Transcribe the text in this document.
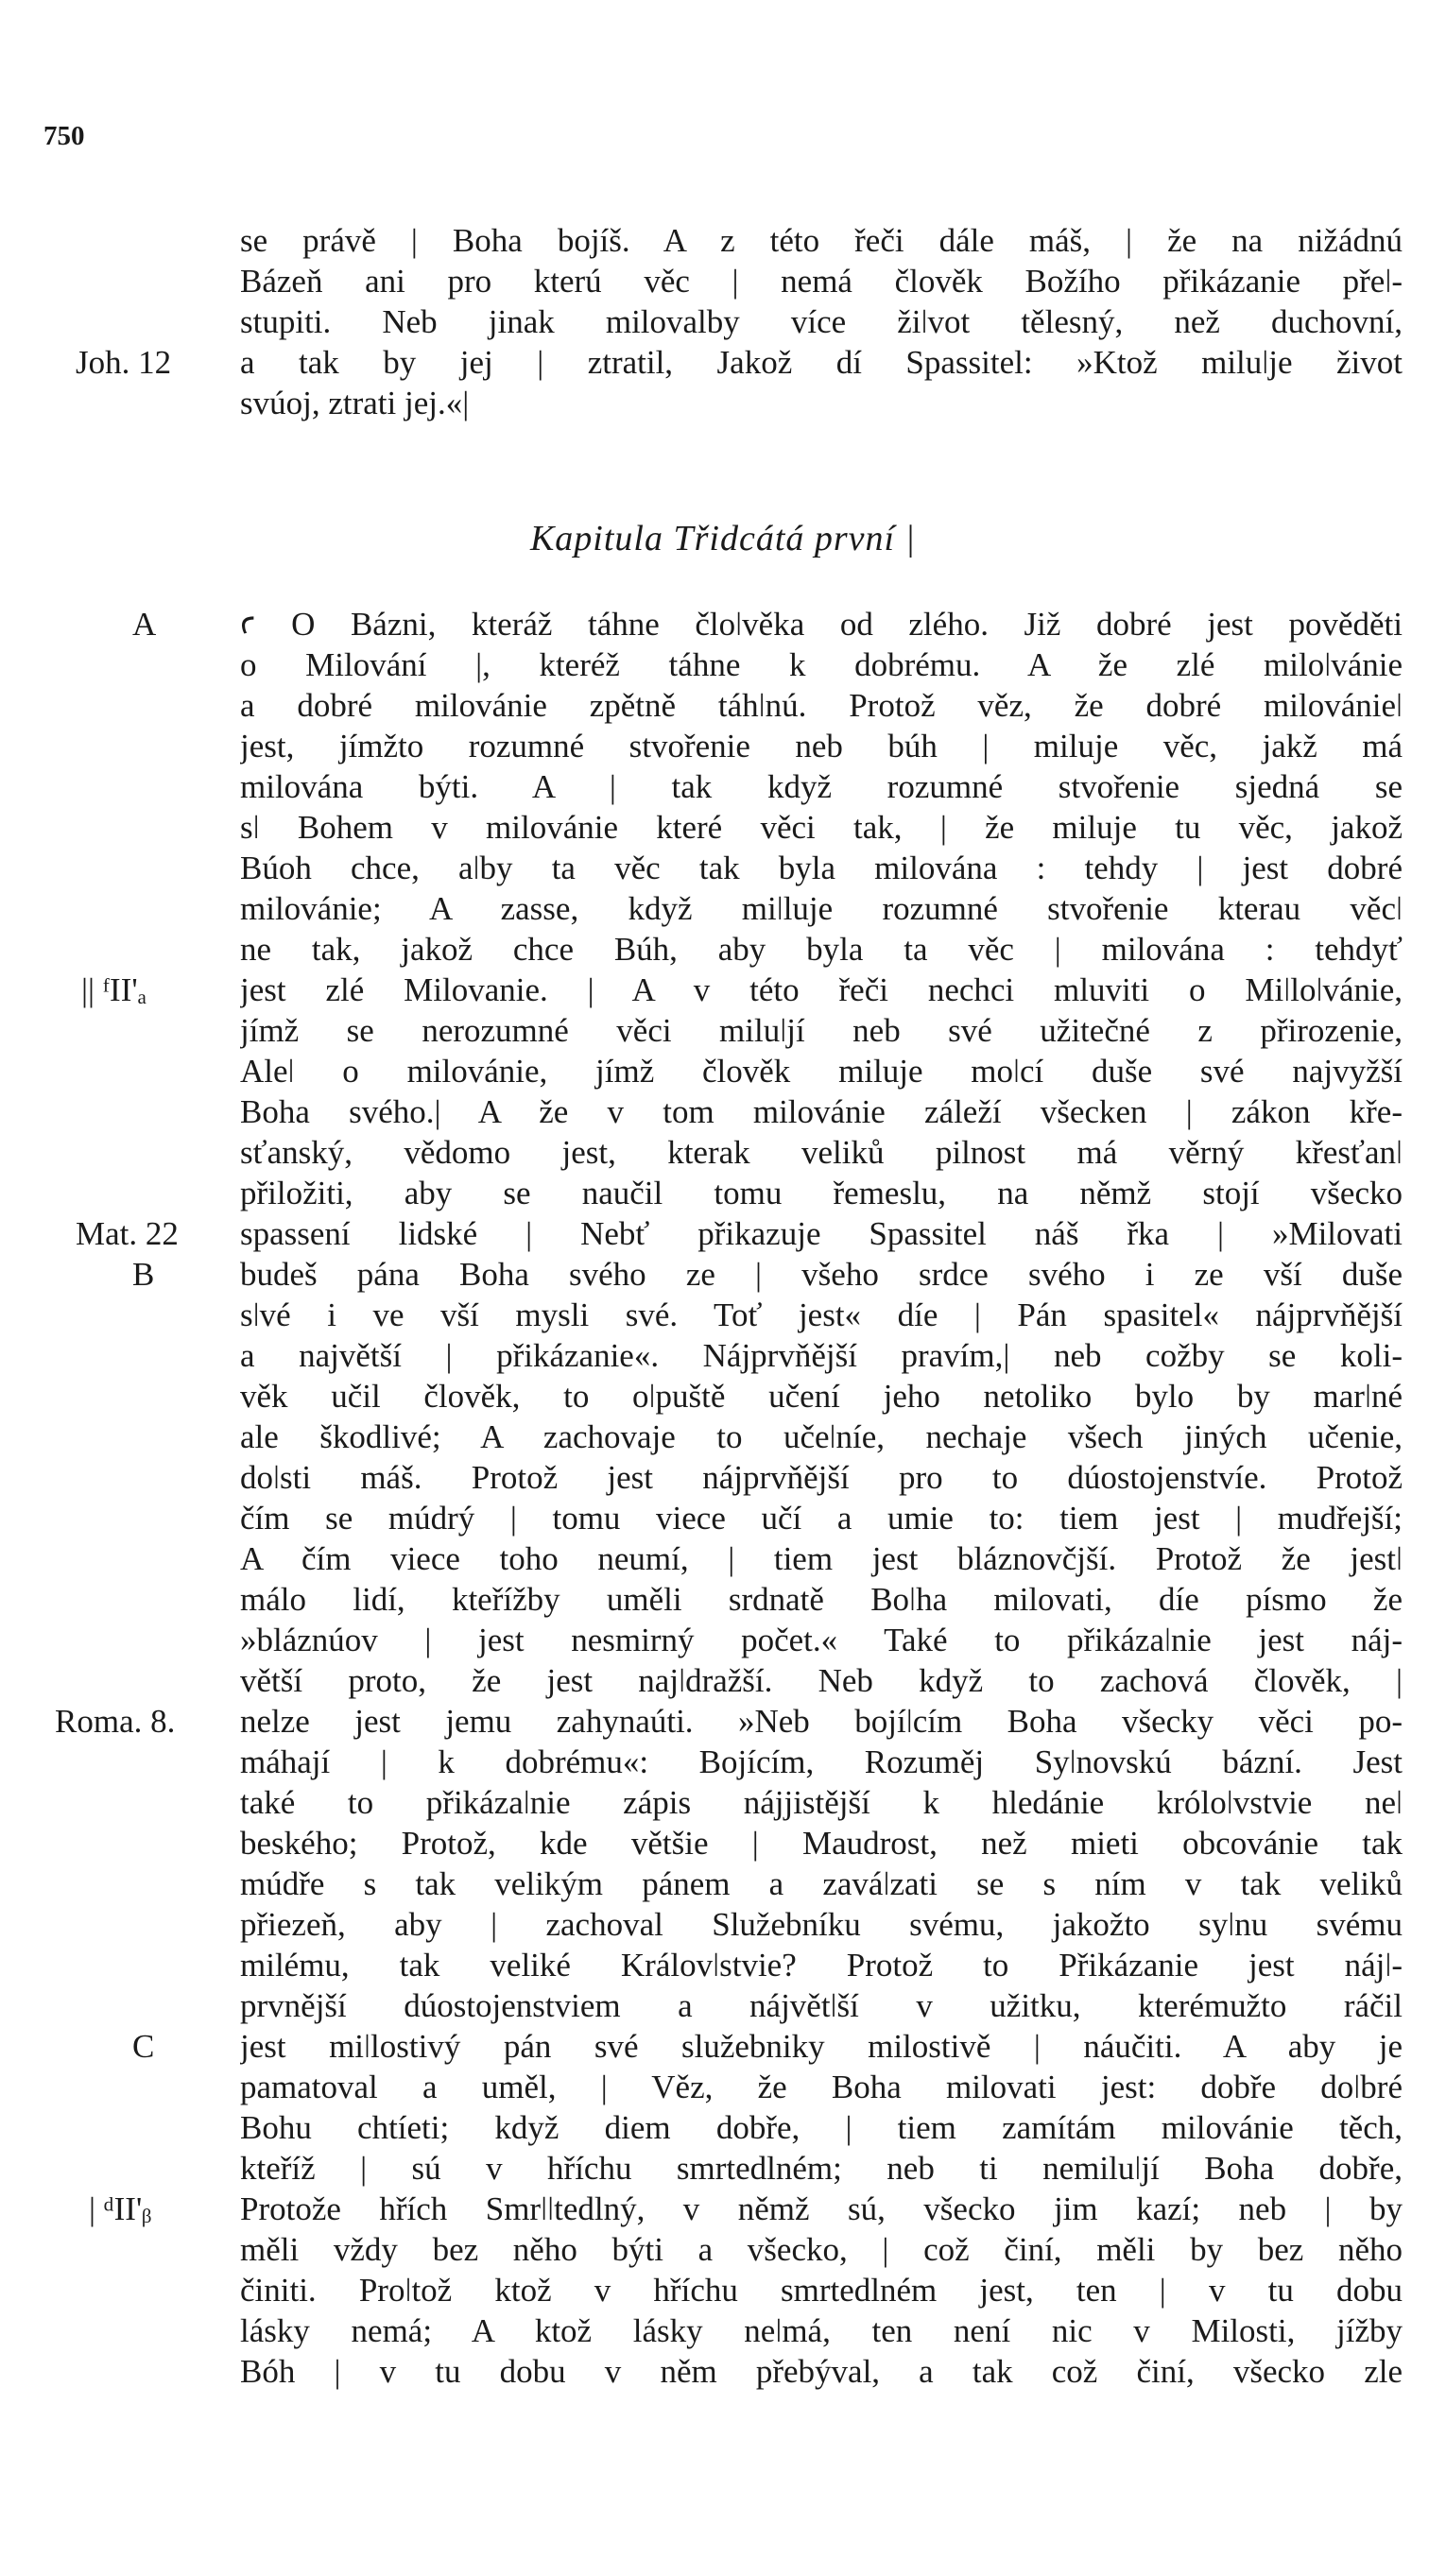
750
se právě | Boha bojíš. A z této řeči dále máš, | že na nižádnú
Bázeň ani pro kterú věc | nemá člověk Božího přikázanie přeǀ-
stupiti. Neb jinak milovalby více žiǀvot tělesný, než duchovní,
a tak by jej | ztratil, Jakož dí Spassitel: »Ktož miluǀje život
svúoj, ztrati jej.«|
Kapitula Třidcátá první |
ꜥ O Bázni, kteráž táhne čloǀvěka od zlého. Již dobré jest pověděti
o Milování |, kteréž táhne k dobrému. A že zlé miloǀvánie
a dobré milovánie zpětně táhǀnú. Protož věz, že dobré milovánieǀ
jest, jímžto rozumné stvořenie neb búh | miluje věc, jakž má
milována býti. A | tak když rozumné stvořenie sjedná se
sǀ Bohem v milovánie které věci tak, | že miluje tu věc, jakož
Búoh chce, aǀby ta věc tak byla milována : tehdy | jest dobré
milovánie; A zasse, když miǀluje rozumné stvořenie kterau věcǀ
ne tak, jakož chce Búh, aby byla ta věc | milována : tehdyť
jest zlé Milovanie. | A v této řeči nechci mluviti o Miǀloǀvánie,
jímž se nerozumné věci miluǀjí neb své užitečné z přirozenie,
Aleǀ o milovánie, jímž člověk miluje moǀcí duše své najvyžší
Boha svého.| A že v tom milovánie záleží všecken | zákon kře-
sťanský, vědomo jest, kterak veliků pilnost má věrný křesťanǀ
přiložiti, aby se naučil tomu řemeslu, na němž stojí všecko
spassení lidské | Nebť přikazuje Spassitel náš řka | »Milovati
budeš pána Boha svého ze | všeho srdce svého i ze vší duše
sǀvé i ve vší mysli své. Toť jest« díe | Pán spasitel« nájprvňější
a najvětší | přikázanie«. Nájprvňější pravím,| neb cožby se koli-
věk učil člověk, to oǀpuště učení jeho netoliko bylo by marǀné
ale škodlivé; A zachovaje to učeǀníe, nechaje všech jiných učenie,
doǀsti máš. Protož jest nájprvňější pro to dúostojenstvíe. Protož
čím se múdrý | tomu viece učí a umie to: tiem jest | mudřejší;
A čím viece toho neumí, | tiem jest bláznovčjší. Protož že jestǀ
málo lidí, kteřížby uměli srdnatě Boǀha milovati, díe písmo že
»bláznúov | jest nesmirný počet.« Také to přikázaǀnie jest náj-
větší proto, že jest najǀdražší. Neb když to zachová člověk, |
nelze jest jemu zahynaúti. »Neb bojíǀcím Boha všecky věci po-
máhají | k dobrému«: Bojícím, Rozuměj Syǀnovskú bázní. Jest
také to přikázaǀnie zápis nájjistější k hledánie króloǀvstvie neǀ
beského; Protož, kde většie | Maudrost, než mieti obcovánie tak
múdře s tak velikým pánem a zaváǀzati se s ním v tak veliků
přiezeň, aby | zachoval Služebníku svému, jakožto syǀnu svému
milému, tak veliké Královǀstvie? Protož to Přikázanie jest nájǀ-
prvnější dúostojenstviem a nájvětǀší v užitku, kterémužto ráčil
jest miǀlostivý pán své služebniky milostivě | náučiti. A aby je
pamatoval a uměl, | Věz, že Boha milovati jest: dobře doǀbré
Bohu chtíeti; když diem dobře, | tiem zamítám milovánie těch,
kteříž | sú v hříchu smrtedlném; neb ti nemiluǀjí Boha dobře,
Protože hřích Smrǀǀtedlný, v němž sú, všecko jim kazí; neb | by
měli vždy bez něho býti a všecko, | což činí, měli by bez něho
činiti. Proǀtož ktož v hříchu smrtedlném jest, ten | v tu dobu
lásky nemá; A ktož lásky neǀmá, ten není nic v Milosti, jížby
Bóh | v tu dobu v něm přebýval, a tak což činí, všecko zle
Joh. 12
A
|| ᶠII'ₐ
Mat. 22
B
Roma. 8.
C
| ᵈII'ᵦ
